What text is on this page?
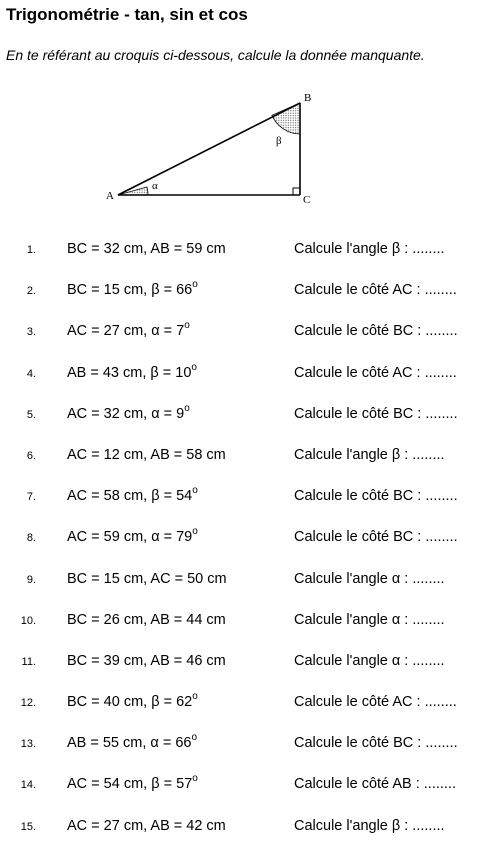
Trigonométrie - tan, sin et cos
En te référant au croquis ci-dessous, calcule la donnée manquante.
A
B
C
α
β
1. BC = 32 cm, AB = 59 cm	Calcule l'angle β : ........
2. BC = 15 cm, $\beta = 66^o$	Calcule le côté AC : ........
3. AC = 27 cm, $\alpha = 7^o$	Calcule le côté BC : ........
4. AB = 43 cm, $\beta = 10^o$	Calcule le côté AC : ........
5. AC = 32 cm, $\alpha = 9^o$	Calcule le côté BC : ........
6. AC = 12 cm, AB = 58 cm	Calcule l'angle β : ........
7. AC = 58 cm, $\beta = 54^o$	Calcule le côté BC : ........
8. AC = 59 cm, $\alpha = 79^o$	Calcule le côté BC : ........
9. BC = 15 cm, AC = 50 cm	Calcule l'angle α : ........
10. BC = 26 cm, AB = 44 cm	Calcule l'angle α : ........
11. BC = 39 cm, AB = 46 cm	Calcule l'angle α : ........
12. BC = 40 cm, $\beta = 62^o$	Calcule le côté AC : ........
13. AB = 55 cm, $\alpha = 66^o$	Calcule le côté BC : ........
14. AC = 54 cm, $\beta = 57^o$	Calcule le côté AB : ........
15. AC = 27 cm, AB = 42 cm	Calcule l'angle β : ........
